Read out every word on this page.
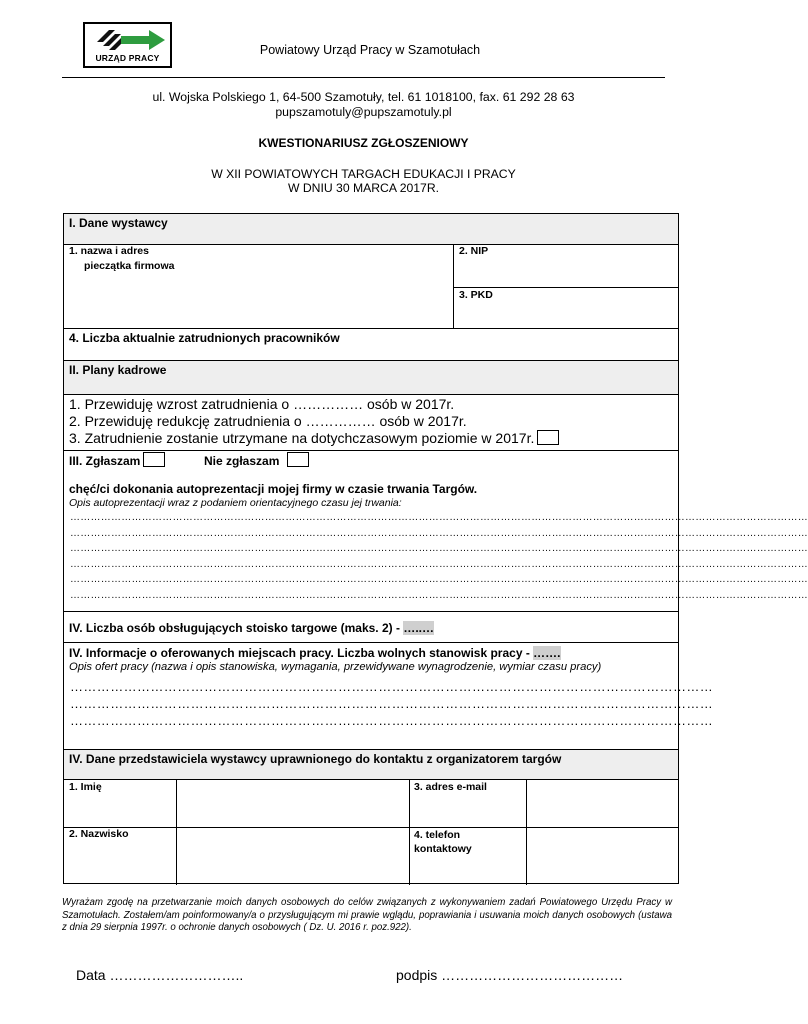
URZĄD PRACY
Powiatowy Urząd Pracy w Szamotułach
ul. Wojska Polskiego 1, 64-500 Szamotuły, tel. 61 1018100, fax. 61 292 28 63
pupszamotuly@pupszamotuly.pl
KWESTIONARIUSZ ZGŁOSZENIOWY
W XII POWIATOWYCH TARGACH EDUKACJI I PRACY
W DNIU 30 MARCA 2017R.
I. Dane wystawcy
1. nazwa i adres
pieczątka firmowa
2. NIP
3. PKD
4. Liczba aktualnie zatrudnionych pracowników
II. Plany kadrowe
1. Przewiduję wzrost zatrudnienia o …………… osób w 2017r.
2. Przewiduję redukcję zatrudnienia o …………… osób w 2017r.
3. Zatrudnienie zostanie utrzymane na dotychczasowym poziomie w 2017r.
III. Zgłaszam	Nie zgłaszam
chęć/ci dokonania autoprezentacji mojej firmy w czasie trwania Targów.
Opis autoprezentacji wraz z podaniem orientacyjnego czasu jej trwania:
………………………………………………………………………………………………………………………………………………………………………………………………
………………………………………………………………………………………………………………………………………………………………………………………………
………………………………………………………………………………………………………………………………………………………………………………………………
………………………………………………………………………………………………………………………………………………………………………………………………
………………………………………………………………………………………………………………………………………………………………………………………………
………………………………………………………………………………………………………………………………………………………………………………………………
IV. Liczba osób obsługujących stoisko targowe (maks. 2) - …..…
IV. Informacje o oferowanych miejscach pracy. Liczba wolnych stanowisk pracy - …….
Opis ofert pracy (nazwa i opis stanowiska, wymagania, przewidywane wynagrodzenie, wymiar czasu pracy)
………………………………………………………………………………………………………………………………
………………………………………………………………………………………………………………………………
………………………………………………………………………………………………………………………………
IV. Dane przedstawiciela wystawcy uprawnionego do kontaktu z organizatorem targów
1. Imię	3. adres e-mail
2. Nazwisko	4. telefon
kontaktowy
Wyrażam zgodę na przetwarzanie moich danych osobowych do celów związanych z wykonywaniem zadań Powiatowego Urzędu Pracy w Szamotułach. Zostałem/am poinformowany/a o przysługującym mi prawie wglądu, poprawiania i usuwania moich danych osobowych (ustawa z dnia 29 sierpnia 1997r. o ochronie danych osobowych ( Dz. U. 2016 r. poz.922).
Data ………………………..	podpis …………………………………
